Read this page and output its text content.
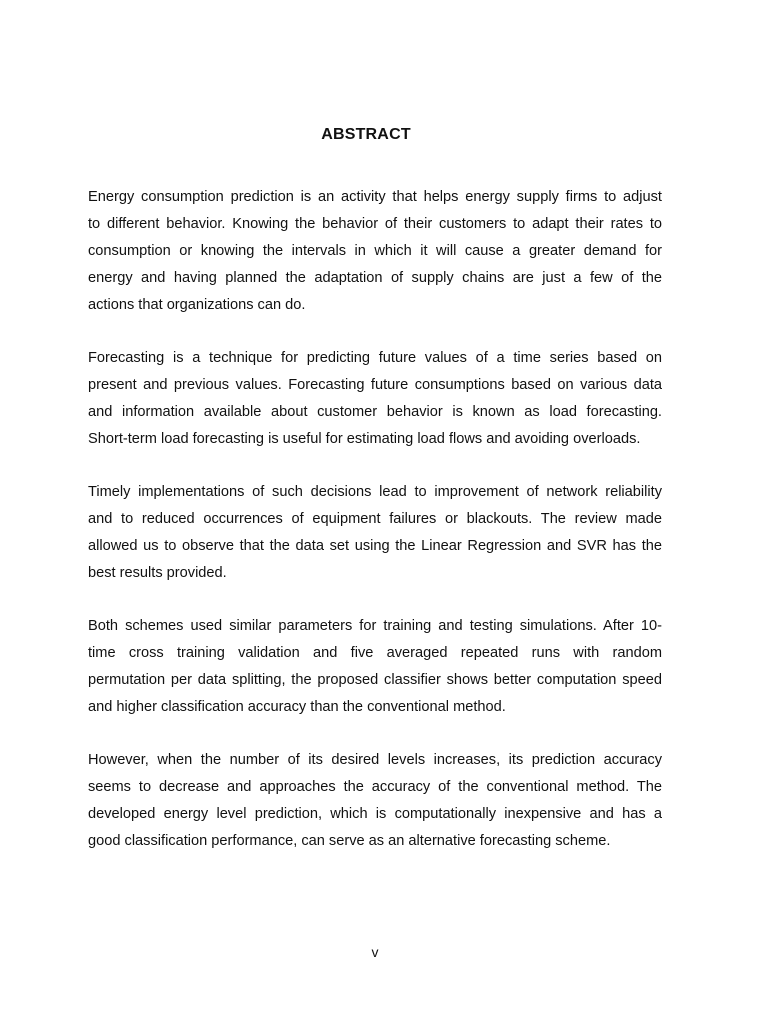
ABSTRACT

Energy consumption prediction is an activity that helps energy supply firms to adjust
to different behavior. Knowing the behavior of their customers to adapt their rates to
consumption or knowing the intervals in which it will cause a greater demand for
energy and having planned the adaptation of supply chains are just a few of the
actions that organizations can do.

Forecasting is a technique for predicting future values of a time series based on
present and previous values. Forecasting future consumptions based on various data
and information available about customer behavior is known as load forecasting.
Short-term load forecasting is useful for estimating load flows and avoiding overloads.

Timely implementations of such decisions lead to improvement of network reliability
and to reduced occurrences of equipment failures or blackouts. The review made
allowed us to observe that the data set using the Linear Regression and SVR has the
best results provided.

Both schemes used similar parameters for training and testing simulations. After 10-
time cross training validation and five averaged repeated runs with random
permutation per data splitting, the proposed classifier shows better computation speed
and higher classification accuracy than the conventional method.

However, when the number of its desired levels increases, its prediction accuracy
seems to decrease and approaches the accuracy of the conventional method. The
developed energy level prediction, which is computationally inexpensive and has a
good classification performance, can serve as an alternative forecasting scheme.

v
